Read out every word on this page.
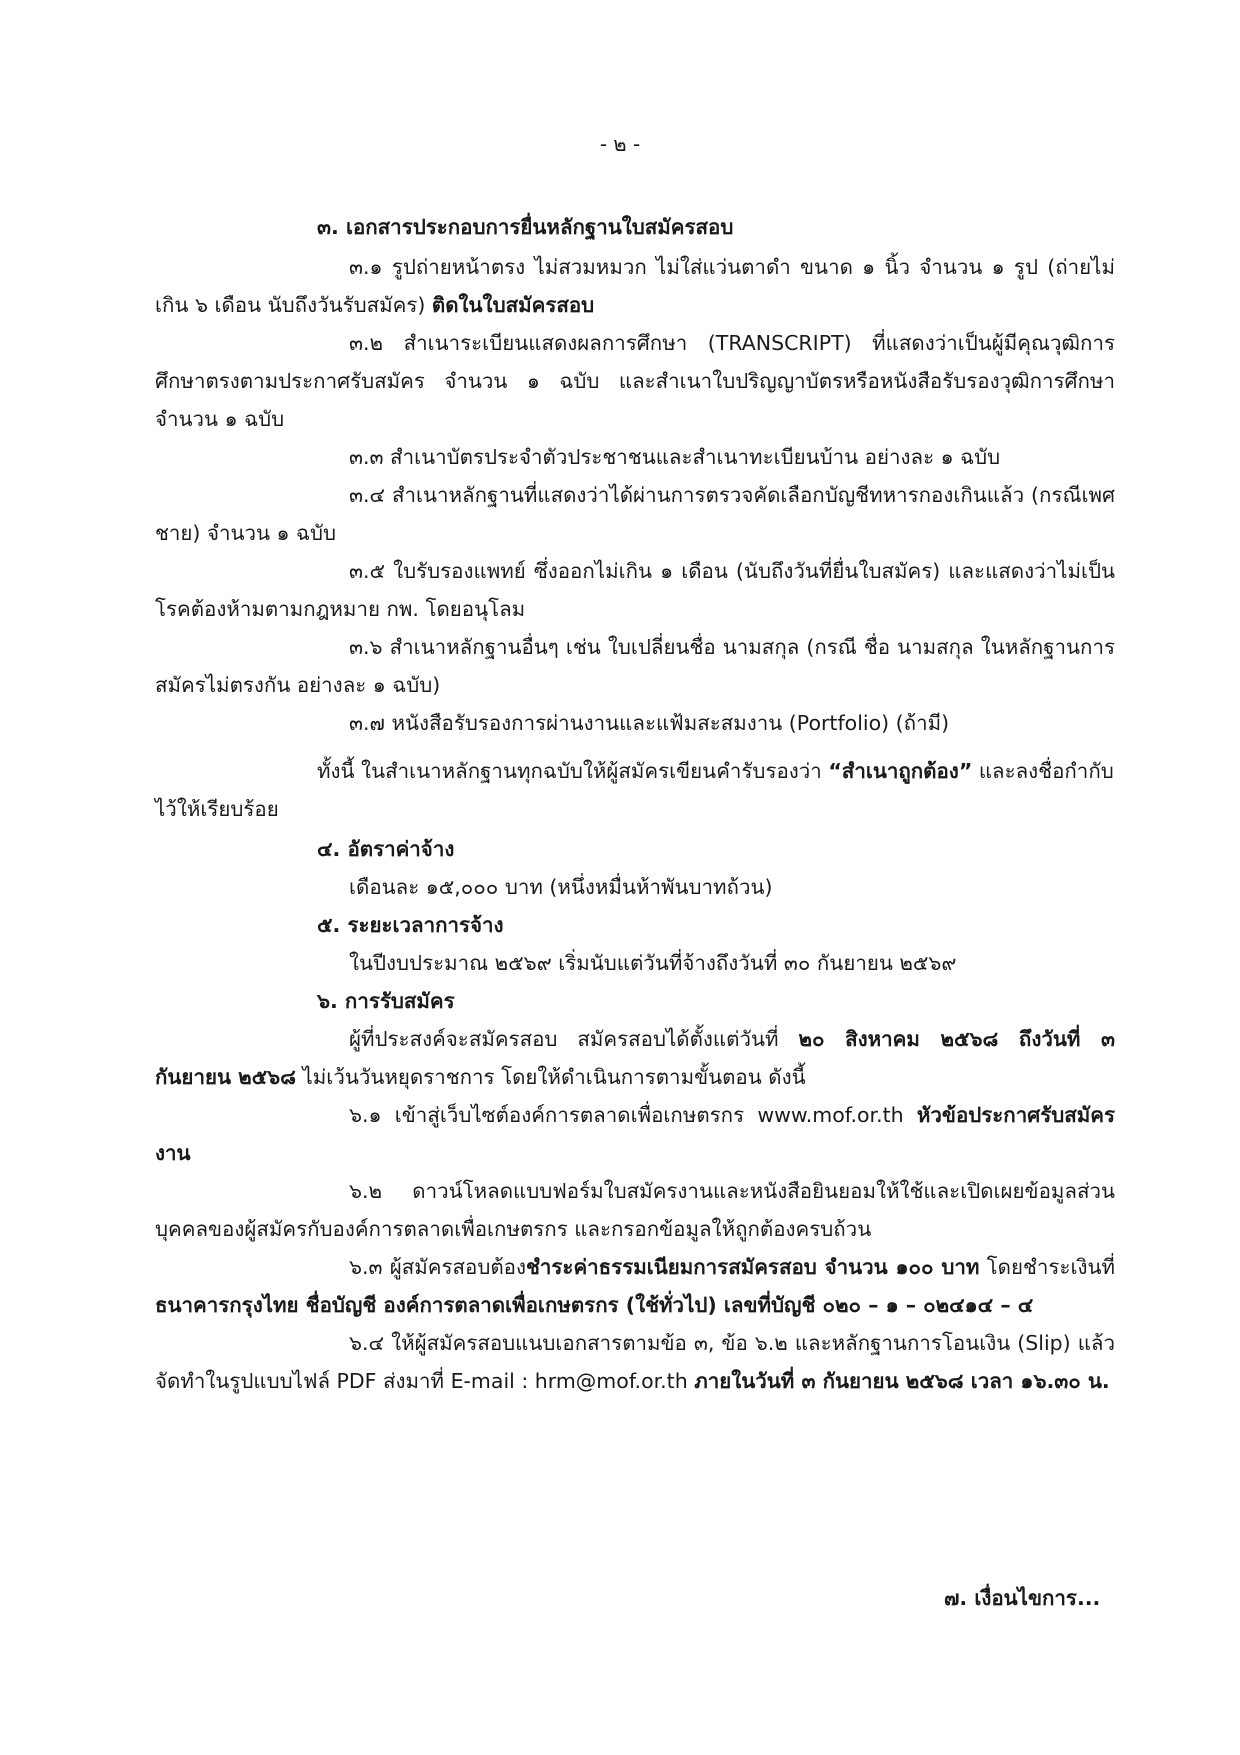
- ๒ -

๓. เอกสารประกอบการยื่นหลักฐานใบสมัครสอบ

๓.๑ รูปถ่ายหน้าตรง ไม่สวมหมวก ไม่ใส่แว่นตาดำ ขนาด ๑ นิ้ว จำนวน ๑ รูป (ถ่ายไม่เกิน ๖ เดือน นับถึงวันรับสมัคร) ติดในใบสมัครสอบ

๓.๒ สำเนาระเบียนแสดงผลการศึกษา (TRANSCRIPT) ที่แสดงว่าเป็นผู้มีคุณวุฒิการศึกษาตรงตามประกาศรับสมัคร จำนวน ๑ ฉบับ และสำเนาใบปริญญาบัตรหรือหนังสือรับรองวุฒิการศึกษา จำนวน ๑ ฉบับ

๓.๓ สำเนาบัตรประจำตัวประชาชนและสำเนาทะเบียนบ้าน อย่างละ ๑ ฉบับ

๓.๔ สำเนาหลักฐานที่แสดงว่าได้ผ่านการตรวจคัดเลือกบัญชีทหารกองเกินแล้ว (กรณีเพศชาย) จำนวน ๑ ฉบับ

๓.๕ ใบรับรองแพทย์ ซึ่งออกไม่เกิน ๑ เดือน (นับถึงวันที่ยื่นใบสมัคร) และแสดงว่าไม่เป็นโรคต้องห้ามตามกฎหมาย กพ. โดยอนุโลม

๓.๖ สำเนาหลักฐานอื่นๆ เช่น ใบเปลี่ยนชื่อ นามสกุล (กรณี ชื่อ นามสกุล ในหลักฐานการสมัครไม่ตรงกัน อย่างละ ๑ ฉบับ)

๓.๗ หนังสือรับรองการผ่านงานและแฟ้มสะสมงาน (Portfolio) (ถ้ามี)

ทั้งนี้ ในสำเนาหลักฐานทุกฉบับให้ผู้สมัครเขียนคำรับรองว่า “สำเนาถูกต้อง” และลงชื่อกำกับไว้ให้เรียบร้อย

๔. อัตราค่าจ้าง

เดือนละ ๑๕,๐๐๐ บาท (หนึ่งหมื่นห้าพันบาทถ้วน)

๕. ระยะเวลาการจ้าง

ในปีงบประมาณ ๒๕๖๙ เริ่มนับแต่วันที่จ้างถึงวันที่ ๓๐ กันยายน ๒๕๖๙

๖. การรับสมัคร

ผู้ที่ประสงค์จะสมัครสอบ สมัครสอบได้ตั้งแต่วันที่ ๒๐ สิงหาคม ๒๕๖๘ ถึงวันที่ ๓ กันยายน ๒๕๖๘ ไม่เว้นวันหยุดราชการ โดยให้ดำเนินการตามขั้นตอน ดังนี้

๖.๑ เข้าสู่เว็บไซต์องค์การตลาดเพื่อเกษตรกร www.mof.or.th หัวข้อประกาศรับสมัครงาน

๖.๒ ดาวน์โหลดแบบฟอร์มใบสมัครงานและหนังสือยินยอมให้ใช้และเปิดเผยข้อมูลส่วนบุคคลของผู้สมัครกับองค์การตลาดเพื่อเกษตรกร และกรอกข้อมูลให้ถูกต้องครบถ้วน

๖.๓ ผู้สมัครสอบต้องชำระค่าธรรมเนียมการสมัครสอบ จำนวน ๑๐๐ บาท โดยชำระเงินที่ธนาคารกรุงไทย ชื่อบัญชี องค์การตลาดเพื่อเกษตรกร (ใช้ทั่วไป) เลขที่บัญชี ๐๒๐ – ๑ – ๐๒๔๑๔ – ๔

๖.๔ ให้ผู้สมัครสอบแนบเอกสารตามข้อ ๓, ข้อ ๖.๒ และหลักฐานการโอนเงิน (Slip) แล้วจัดทำในรูปแบบไฟล์ PDF ส่งมาที่ E-mail : hrm@mof.or.th ภายในวันที่ ๓ กันยายน ๒๕๖๘ เวลา ๑๖.๓๐ น.

๗. เงื่อนไขการ...
